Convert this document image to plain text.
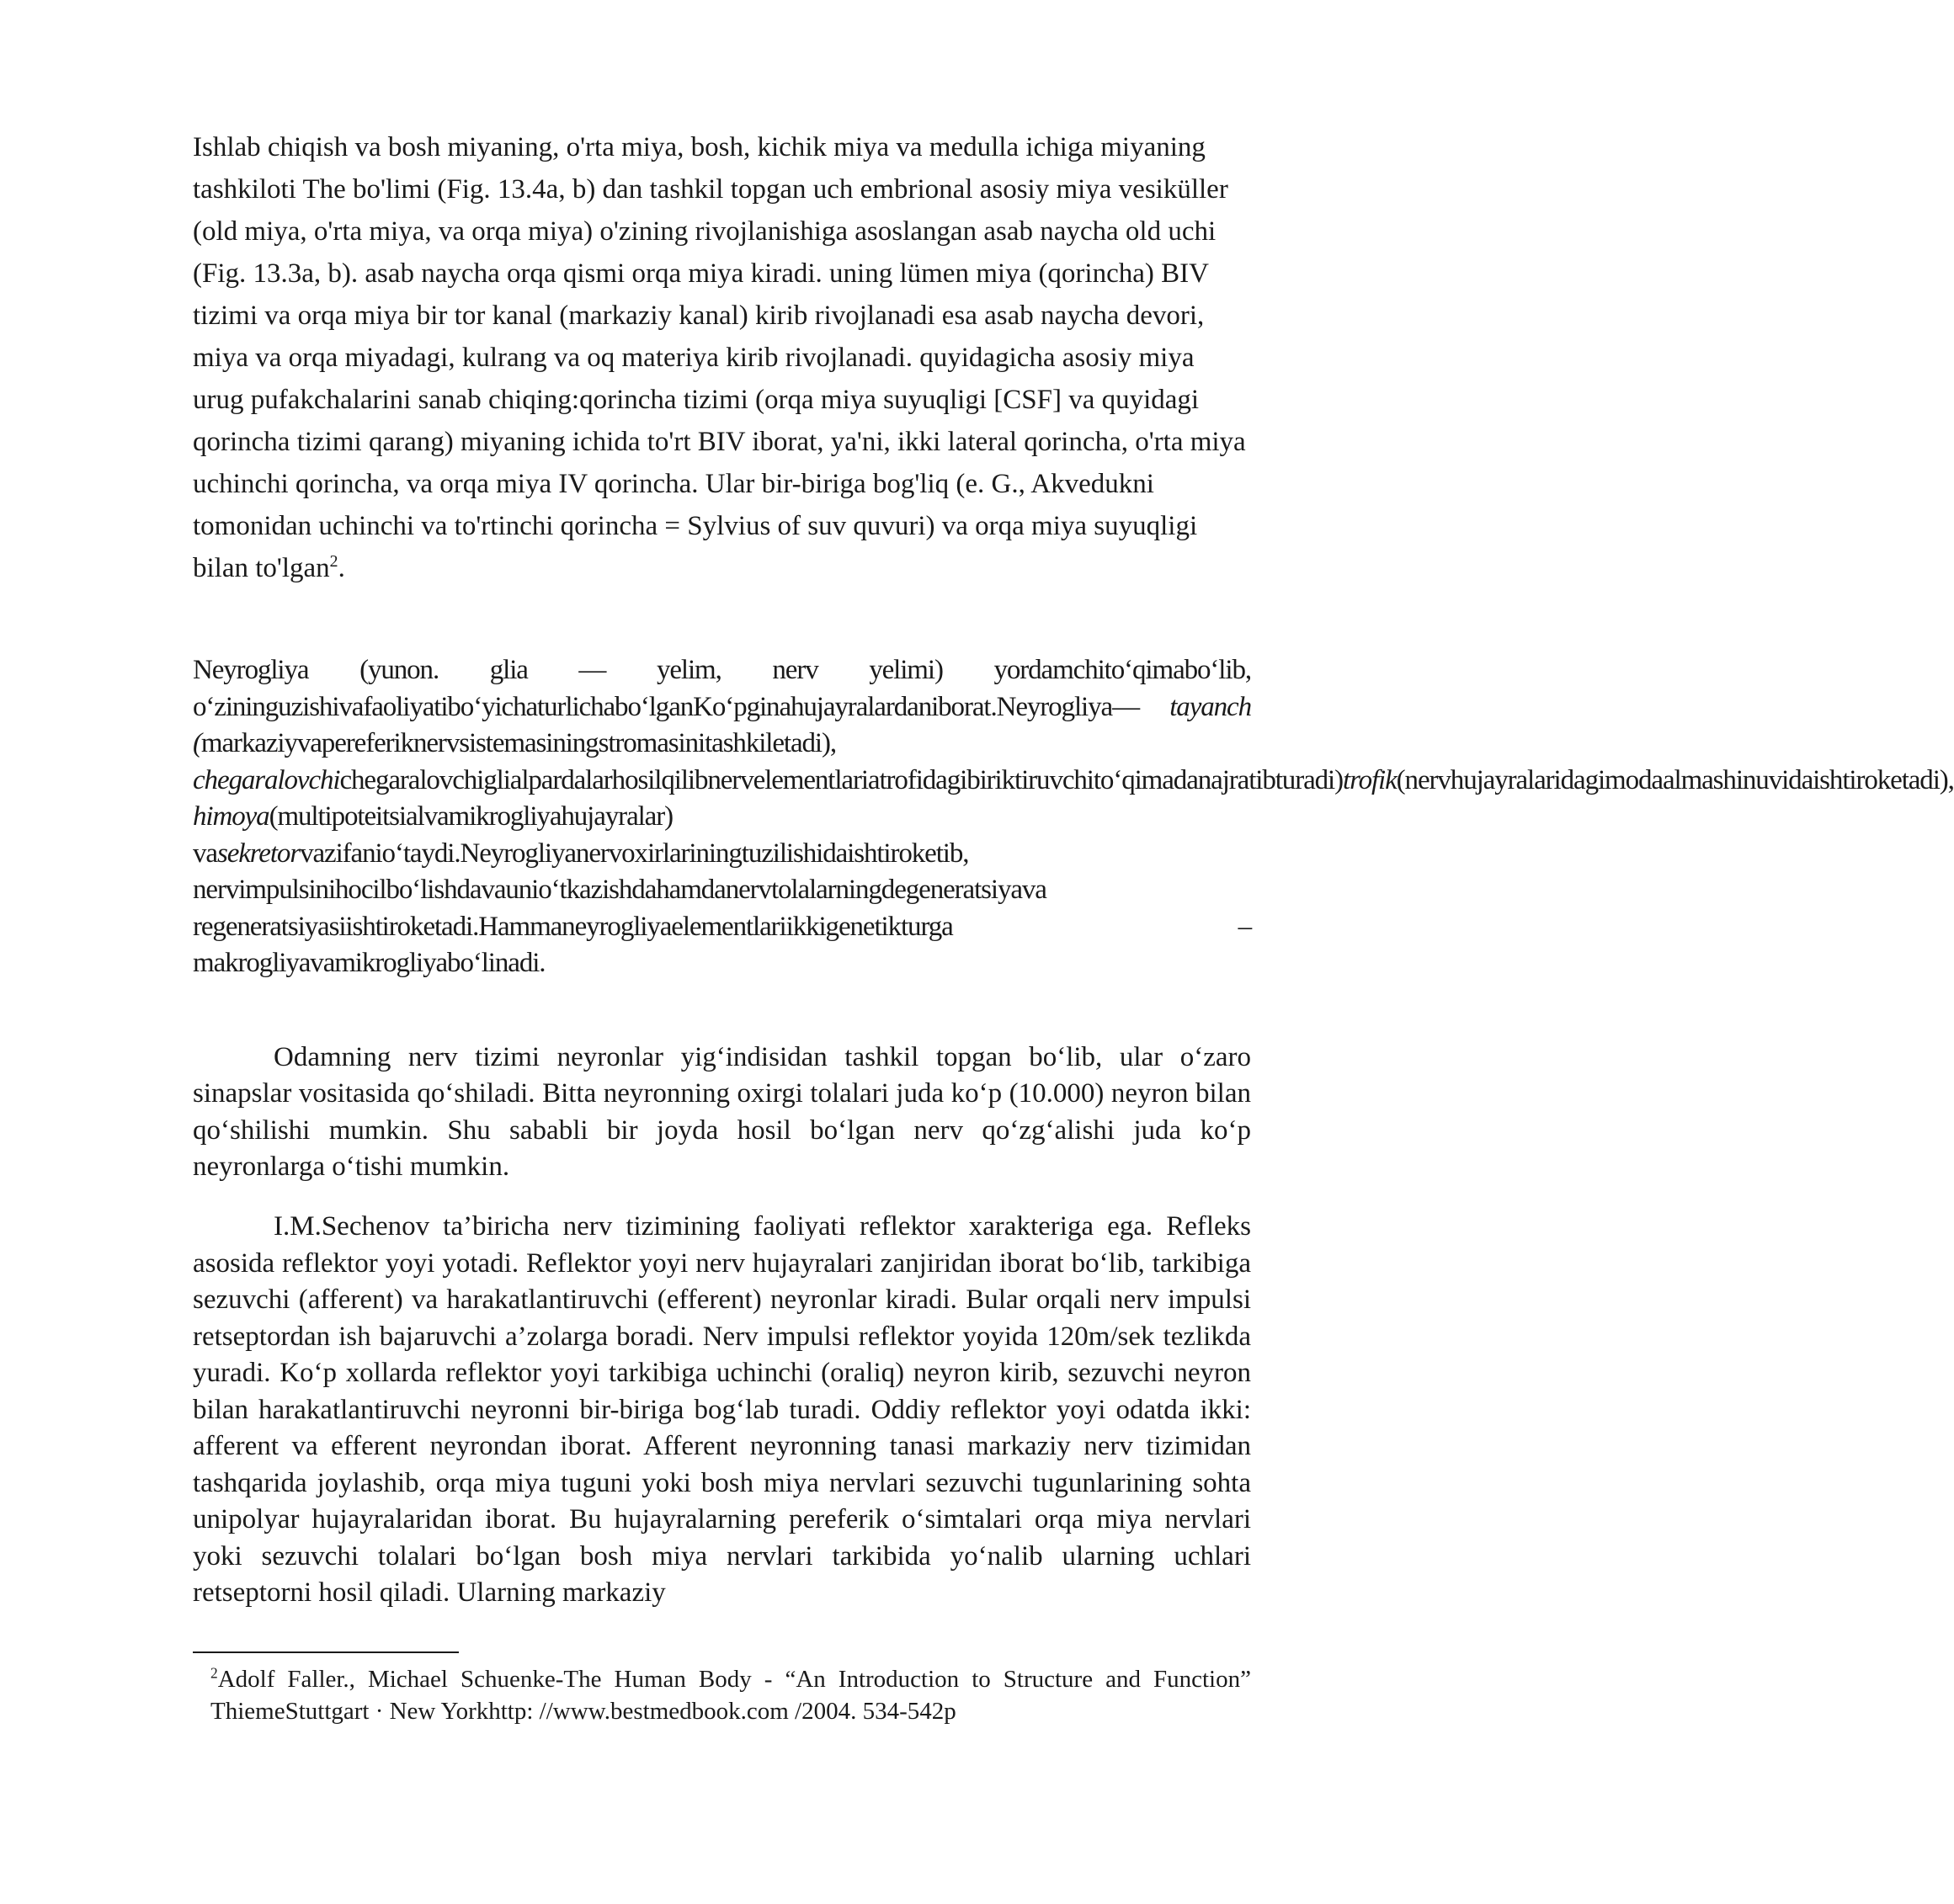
Ishlab chiqish va bosh miyaning, o'rta miya, bosh, kichik miya va medulla ichiga miyaning tashkiloti The bo'limi (Fig. 13.4a, b) dan tashkil topgan uch embrional asosiy miya vesiküller (old miya, o'rta miya, va orqa miya) o'zining rivojlanishiga asoslangan asab naycha old uchi (Fig. 13.3a, b). asab naycha orqa qismi orqa miya kiradi. uning lümen miya (qorincha) BIV tizimi va orqa miya bir tor kanal (markaziy kanal) kirib rivojlanadi esa asab naycha devori, miya va orqa miyadagi, kulrang va oq materiya kirib rivojlanadi. quyidagicha asosiy miya urug pufakchalarini sanab chiqing:qorincha tizimi (orqa miya suyuqligi [CSF] va quyidagi qorincha tizimi qarang) miyaning ichida to'rt BIV iborat, ya'ni, ikki lateral qorincha, o'rta miya uchinchi qorincha, va orqa miya IV qorincha. Ular bir-biriga bog'liq (e. G., Akvedukni tomonidan uchinchi va to'rtinchi qorincha = Sylvius of suv quvuri) va orqa miya suyuqligi bilan to'lgan$^2$.

Neyrogliya (yunon. glia — yelim, nerv yelimi) yordamchito‘qimabo‘lib, o‘zininguzishivafaoliyatibo‘yichaturlichabo‘lganKo‘pginahujayralardaniborat.Neyrogliya— tayanch (markaziyvapereferiknervsistemasiningstromasinitashkiletadi), chegaralovchichegaralovchiglialpardalarhosilqilibnervelementlariatrofidagibiriktiruvchito‘qimadanajratibturadi)trofik(nervhujayralaridagimodaalmashinuvidaishtiroketadi), himoya(multipoteitsialvamikrogliyahujayralar) vasekretorvazifanio‘taydi.Neyrogliyanervoxirlariningtuzilishidaishtiroketib, nervimpulsinihocilbo‘lishdavaunio‘tkazishdahamdanervtolalarningdegeneratsiyava regeneratsiyasiishtiroketadi.Hammaneyrogliyaelementlariikkigenetikturga – makrogliyavamikrogliyabo‘linadi.

Odamning nerv tizimi neyronlar yig‘indisidan tashkil topgan bo‘lib, ular o‘zaro sinapslar vositasida qo‘shiladi. Bitta neyronning oxirgi tolalari juda ko‘p (10.000) neyron bilan qo‘shilishi mumkin. Shu sababli bir joyda hosil bo‘lgan nerv qo‘zg‘alishi juda ko‘p neyronlarga o‘tishi mumkin.

I.M.Sechenov ta’biricha nerv tizimining faoliyati reflektor xarakteriga ega. Refleks asosida reflektor yoyi yotadi. Reflektor yoyi nerv hujayralari zanjiridan iborat bo‘lib, tarkibiga sezuvchi (afferent) va harakatlantiruvchi (efferent) neyronlar kiradi. Bular orqali nerv impulsi retseptordan ish bajaruvchi a’zolarga boradi. Nerv impulsi reflektor yoyida 120m/sek tezlikda yuradi. Ko‘p xollarda reflektor yoyi tarkibiga uchinchi (oraliq) neyron kirib, sezuvchi neyron bilan harakatlantiruvchi neyronni bir-biriga bog‘lab turadi. Oddiy reflektor yoyi odatda ikki: afferent va efferent neyrondan iborat. Afferent neyronning tanasi markaziy nerv tizimidan tashqarida joylashib, orqa miya tuguni yoki bosh miya nervlari sezuvchi tugunlarining sohta unipolyar hujayralaridan iborat. Bu hujayralarning pereferik o‘simtalari orqa miya nervlari yoki sezuvchi tolalari bo‘lgan bosh miya nervlari tarkibida yo‘nalib ularning uchlari retseptorni hosil qiladi. Ularning markaziy

$^2$Adolf Faller., Michael Schuenke-The Human Body - “An Introduction to Structure and Function” ThiemeStuttgart · New Yorkhttp: //www.bestmedbook.com /2004. 534-542p
